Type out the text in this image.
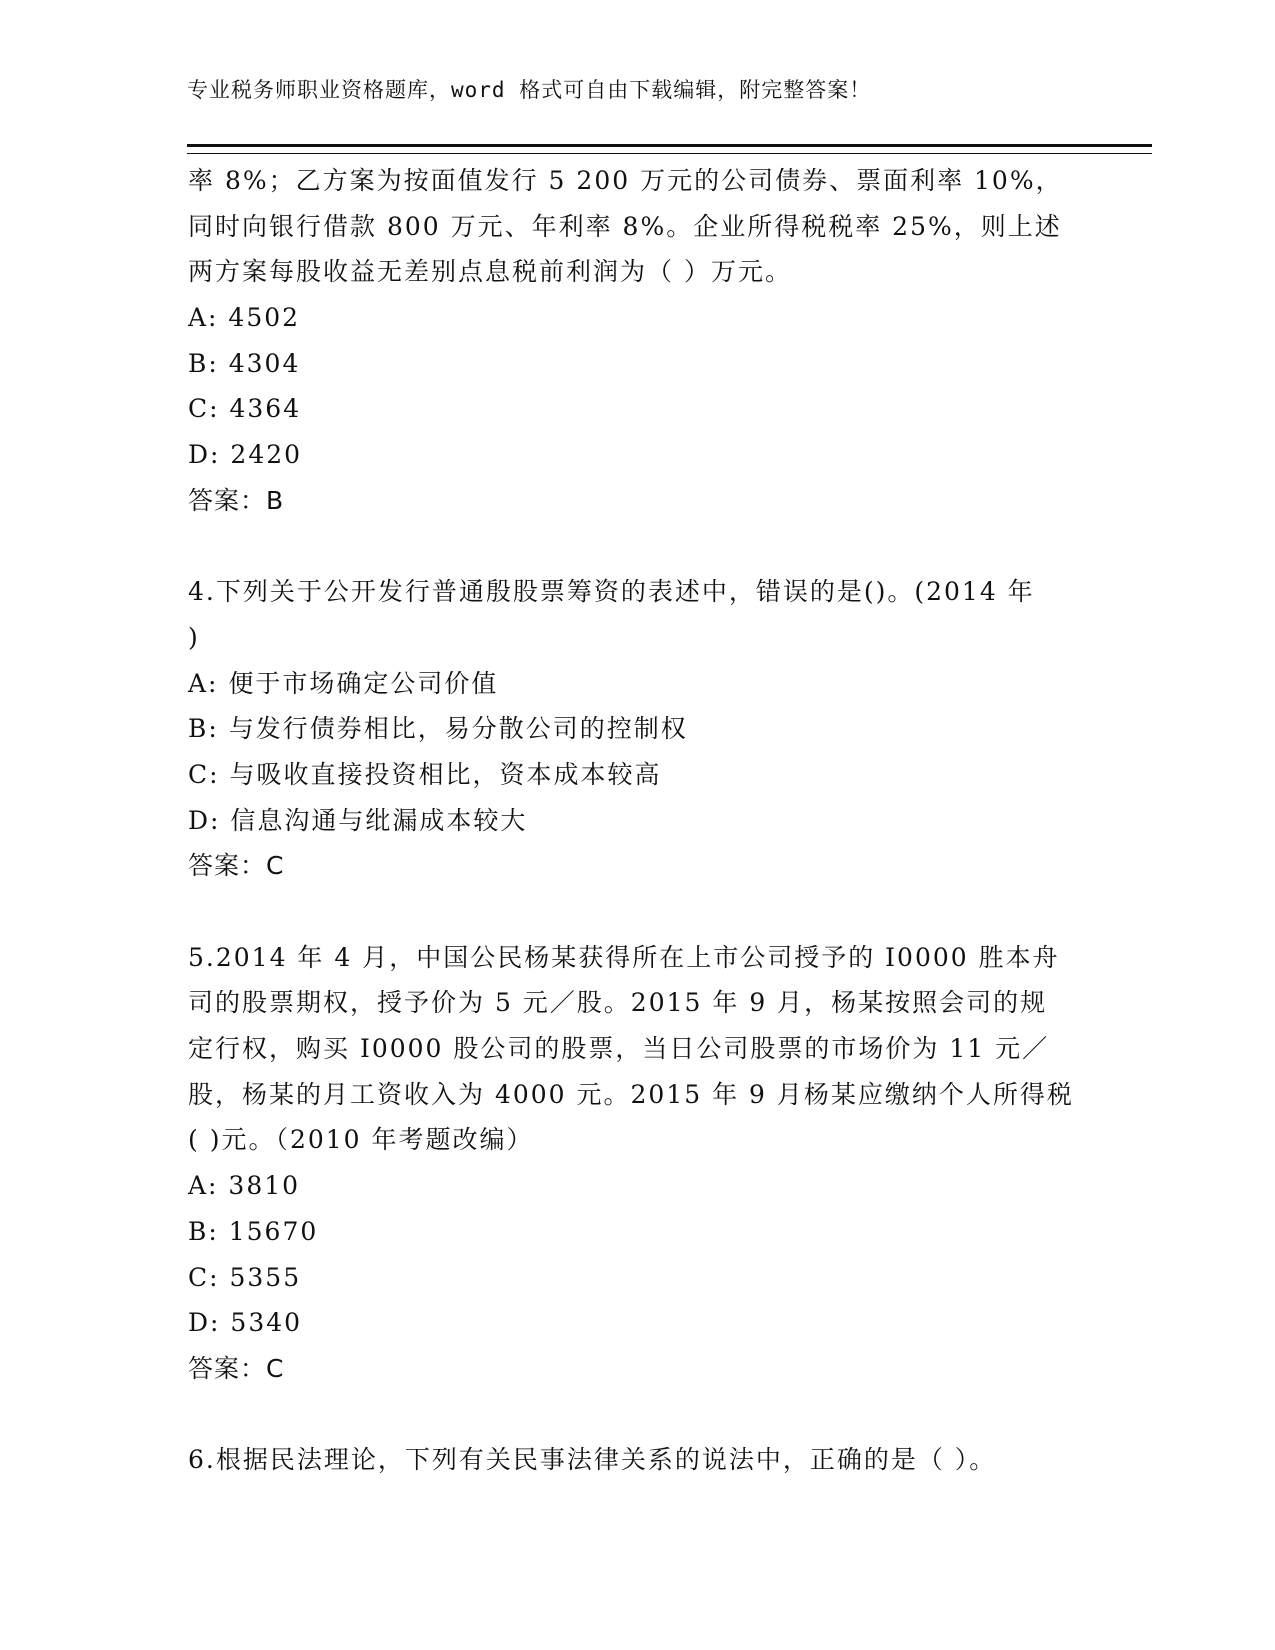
专业税务师职业资格题库，word 格式可自由下载编辑，附完整答案！
率 8%；乙方案为按面值发行 5 200 万元的公司债券、票面利率 10%，
同时向银行借款 800 万元、年利率 8%。企业所得税税率 25%，则上述
两方案每股收益无差别点息税前利润为（ ）万元。
A: 4502
B: 4304
C: 4364
D: 2420
答案：B
4.下列关于公开发行普通殷股票筹资的表述中，错误的是()。(2014 年
)
A: 便于市场确定公司价值
B: 与发行债券相比，易分散公司的控制权
C: 与吸收直接投资相比，资本成本较高
D: 信息沟通与纰漏成本较大
答案：C
5.2014 年 4 月，中国公民杨某获得所在上市公司授予的 I0000 胜本舟
司的股票期权，授予价为 5 元／股。2015 年 9 月，杨某按照会司的规
定行权，购买 I0000 股公司的股票，当日公司股票的市场价为 11 元／
股，杨某的月工资收入为 4000 元。2015 年 9 月杨某应缴纳个人所得税
( )元。（2010 年考题改编）
A: 3810
B: 15670
C: 5355
D: 5340
答案：C
6.根据民法理论，下列有关民事法律关系的说法中，正确的是（ ）。
